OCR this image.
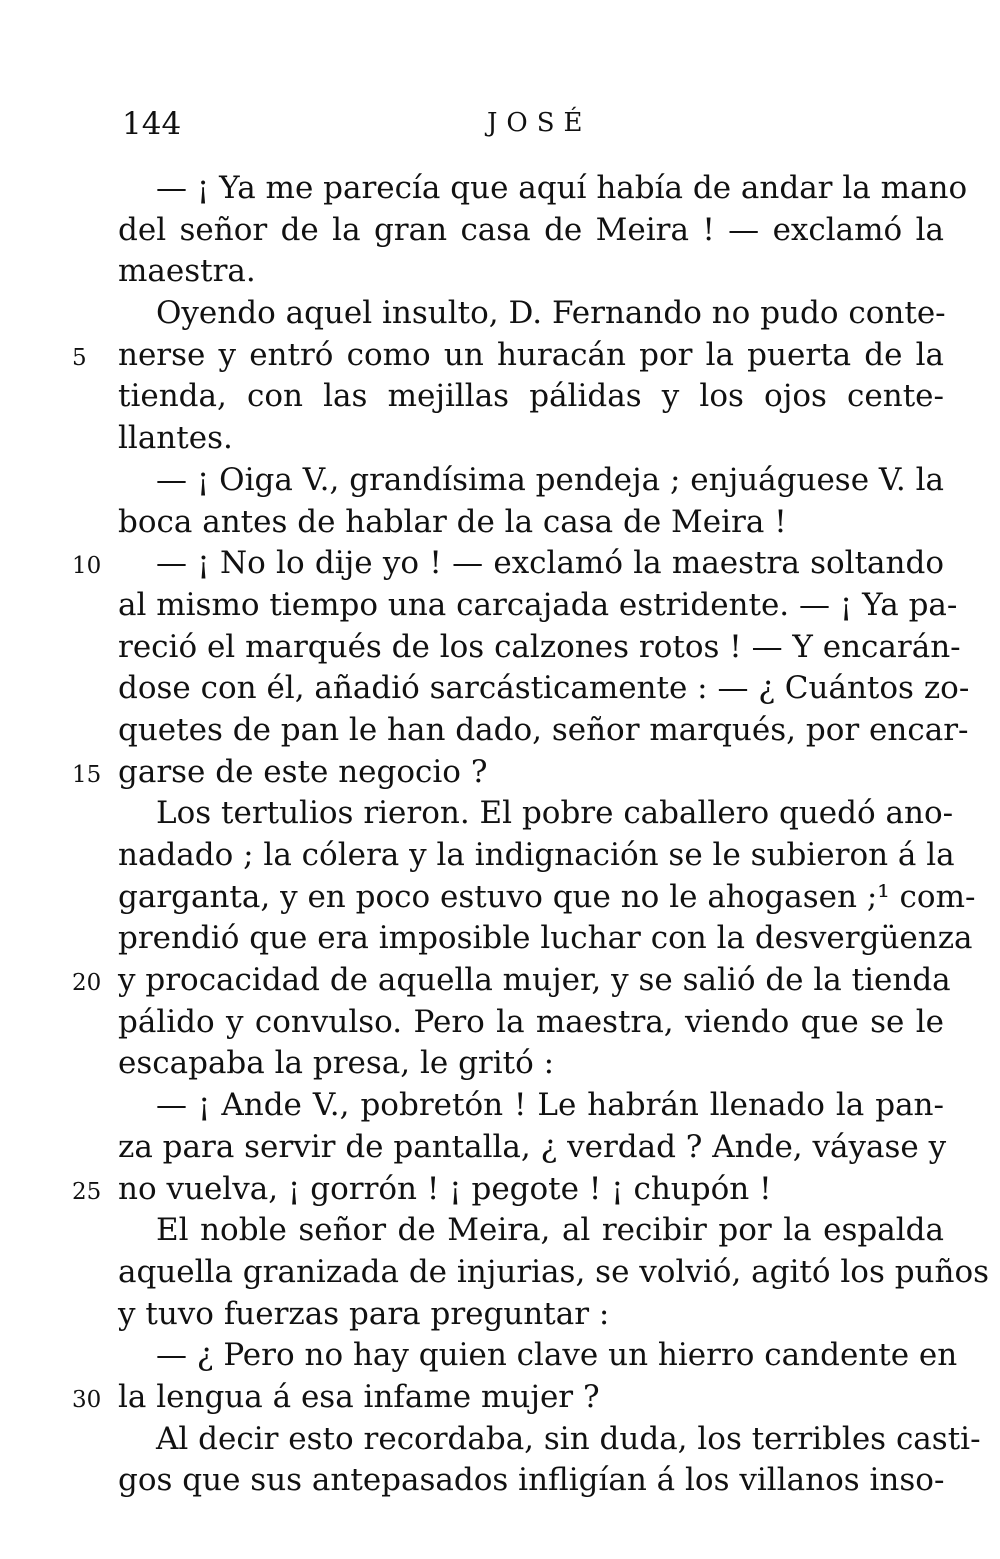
144	JOSÉ
— ¡ Ya me parecía que aquí había de andar la mano
del señor de la gran casa de Meira ! — exclamó la
maestra.
Oyendo aquel insulto, D. Fernando no pudo conte-
5 nerse y entró como un huracán por la puerta de la
tienda, con las mejillas pálidas y los ojos cente-
llantes.
— ¡ Oiga V., grandísima pendeja ; enjuáguese V. la
boca antes de hablar de la casa de Meira !
10 — ¡ No lo dije yo ! — exclamó la maestra soltando
al mismo tiempo una carcajada estridente. — ¡ Ya pa-
reció el marqués de los calzones rotos ! — Y encarán-
dose con él, añadió sarcásticamente : — ¿ Cuántos zo-
quetes de pan le han dado, señor marqués, por encar-
15 garse de este negocio ?
Los tertulios rieron. El pobre caballero quedó ano-
nadado ; la cólera y la indignación se le subieron á la
garganta, y en poco estuvo que no le ahogasen ;¹ com-
prendió que era imposible luchar con la desvergüenza
20 y procacidad de aquella mujer, y se salió de la tienda
pálido y convulso. Pero la maestra, viendo que se le
escapaba la presa, le gritó :
— ¡ Ande V., pobretón ! Le habrán llenado la pan-
za para servir de pantalla, ¿ verdad ? Ande, váyase y
25 no vuelva, ¡ gorrón ! ¡ pegote ! ¡ chupón !
El noble señor de Meira, al recibir por la espalda
aquella granizada de injurias, se volvió, agitó los puños
y tuvo fuerzas para preguntar :
— ¿ Pero no hay quien clave un hierro candente en
30 la lengua á esa infame mujer ?
Al decir esto recordaba, sin duda, los terribles casti-
gos que sus antepasados infligían á los villanos inso-
